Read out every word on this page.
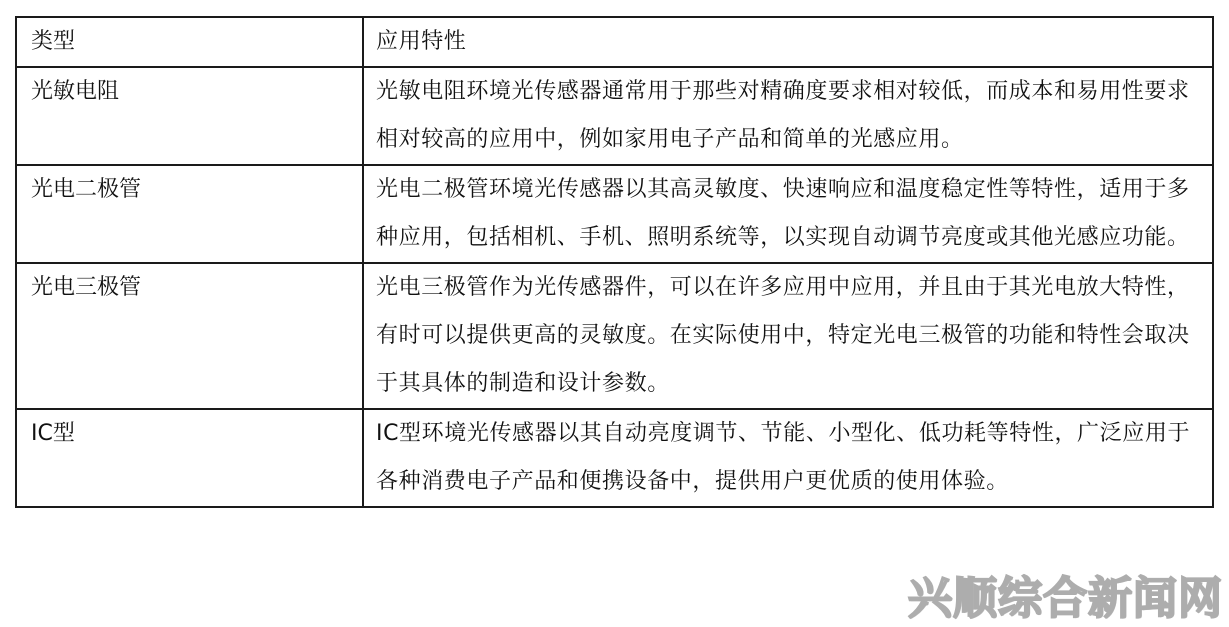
类型	应用特性
光敏电阻	光敏电阻环境光传感器通常用于那些对精确度要求相对较低，而成本和易用性要求相对较高的应用中，例如家用电子产品和简单的光感应用。
光电二极管	光电二极管环境光传感器以其高灵敏度、快速响应和温度稳定性等特性，适用于多种应用，包括相机、手机、照明系统等，以实现自动调节亮度或其他光感应功能。
光电三极管	光电三极管作为光传感器件，可以在许多应用中应用，并且由于其光电放大特性，有时可以提供更高的灵敏度。在实际使用中，特定光电三极管的功能和特性会取决于其具体的制造和设计参数。
IC型	IC型环境光传感器以其自动亮度调节、节能、小型化、低功耗等特性，广泛应用于各种消费电子产品和便携设备中，提供用户更优质的使用体验。
兴顺综合新闻网
